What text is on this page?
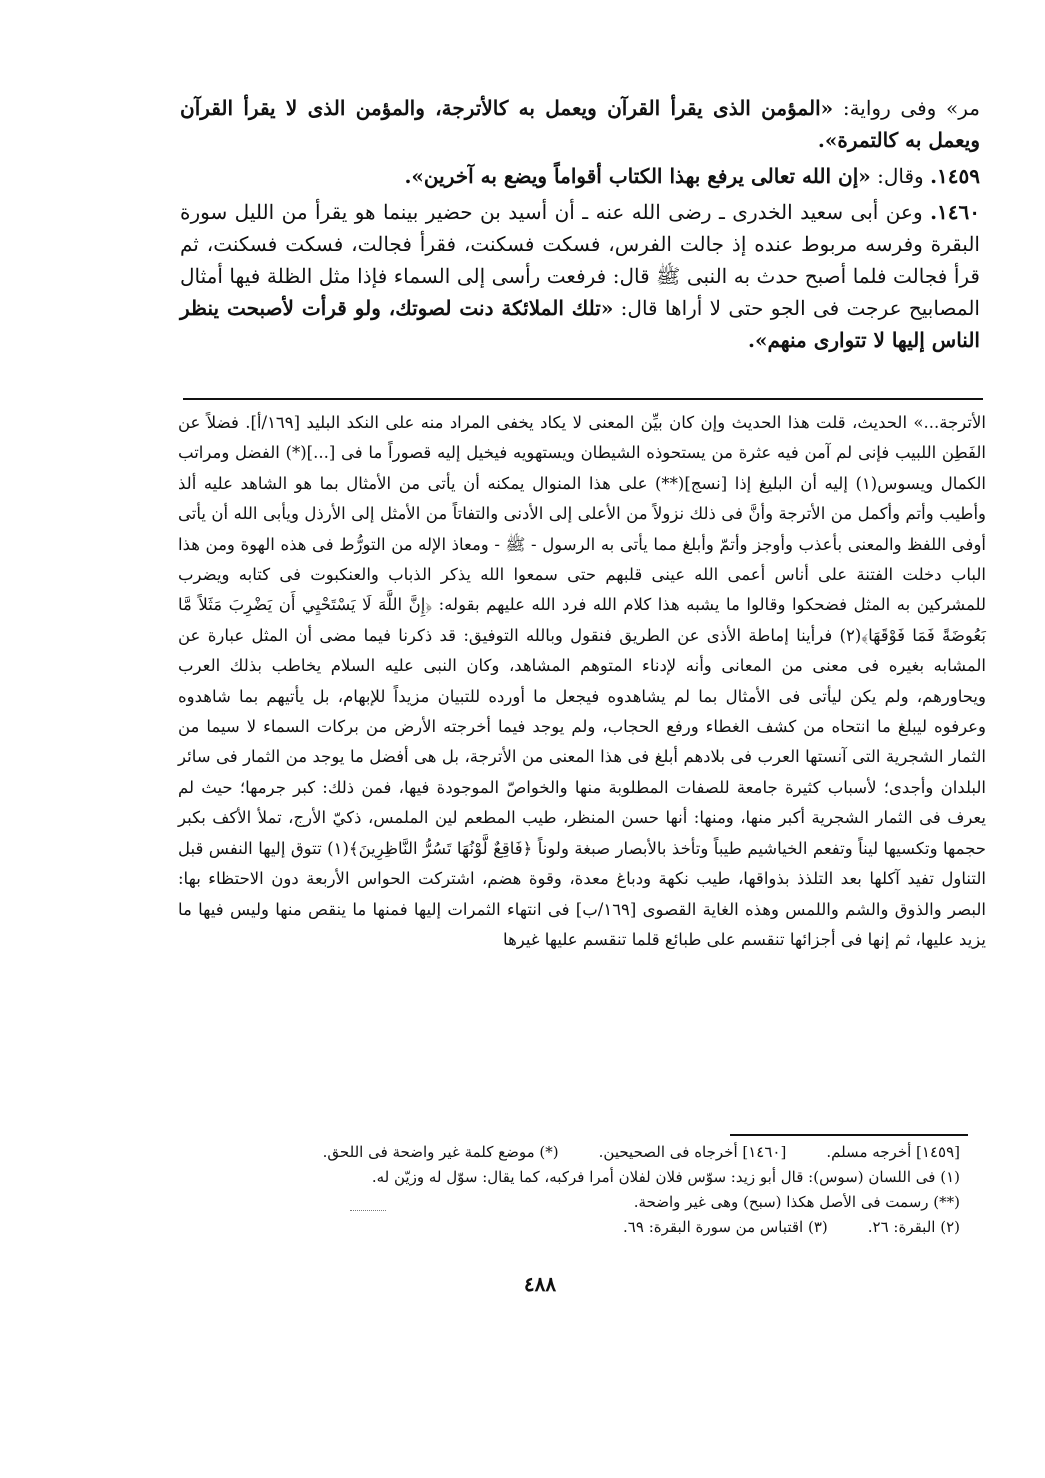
مر» وفى رواية: «المؤمن الذى يقرأ القرآن ويعمل به كالأترجة، والمؤمن الذى لا يقرأ القرآن ويعمل به كالتمرة».

١٤٥٩. وقال: «إن الله تعالى يرفع بهذا الكتاب أقواماً ويضع به آخرين».

١٤٦٠. وعن أبى سعيد الخدرى ـ رضى الله عنه ـ أن أسيد بن حضير بينما هو يقرأ من الليل سورة البقرة وفرسه مربوط عنده إذ جالت الفرس، فسكت فسكنت، فقرأ فجالت، فسكت فسكنت، ثم قرأ فجالت فلما أصبح حدث به النبى ﷺ قال: فرفعت رأسى إلى السماء فإذا مثل الظلة فيها أمثال المصابيح عرجت فى الجو حتى لا أراها قال: «تلك الملائكة دنت لصوتك، ولو قرأت لأصبحت ينظر الناس إليها لا تتوارى منهم».

الأترجة...» الحديث، قلت هذا الحديث وإن كان بيِّن المعنى لا يكاد يخفى المراد منه على النكد البليد [١٦٩/أ]. فضلاً عن الفَطِن اللبيب فإنى لم آمن فيه عثرة من يستحوذه الشيطان ويستهويه فيخيل إليه قصوراً ما فى [...](*) الفضل ومراتب الكمال ويسوس(١) إليه أن البليغ إذا [نسج](**) على هذا المنوال يمكنه أن يأتى من الأمثال بما هو الشاهد عليه ألذ وأطيب وأتم وأكمل من الأترجة وأنَّ فى ذلك نزولاً من الأعلى إلى الأدنى والتفاتاً من الأمثل إلى الأرذل ويأبى الله أن يأتى أوفى اللفظ والمعنى بأعذب وأوجز وأتمّ وأبلغ مما يأتى به الرسول - ﷺ - ومعاذ الإله من التورُّط فى هذه الهوة ومن هذا الباب دخلت الفتنة على أناس أعمى الله عينى قلبهم حتى سمعوا الله يذكر الذباب والعنكبوت فى كتابه ويضرب للمشركين به المثل فضحكوا وقالوا ما يشبه هذا كلام الله فرد الله عليهم بقوله: ﴿إِنَّ اللَّهَ لَا يَسْتَحْيِي أَن يَضْرِبَ مَثَلاً مَّا بَعُوضَةً فَمَا فَوْقَهَا﴾(٢) فرأينا إماطة الأذى عن الطريق فنقول وبالله التوفيق: قد ذكرنا فيما مضى أن المثل عبارة عن المشابه بغيره فى معنى من المعانى وأنه لإدناء المتوهم المشاهد، وكان النبى عليه السلام يخاطب بذلك العرب ويحاورهم، ولم يكن ليأتى فى الأمثال بما لم يشاهدوه فيجعل ما أورده للتبيان مزيداً للإبهام، بل يأتيهم بما شاهدوه وعرفوه ليبلغ ما انتحاه من كشف الغطاء ورفع الحجاب، ولم يوجد فيما أخرجته الأرض من بركات السماء لا سيما من الثمار الشجرية التى آنستها العرب فى بلادهم أبلغ فى هذا المعنى من الأترجة، بل هى أفضل ما يوجد من الثمار فى سائر البلدان وأجدى؛ لأسباب كثيرة جامعة للصفات المطلوبة منها والخواصّ الموجودة فيها، فمن ذلك: كبر جرمها؛ حيث لم يعرف فى الثمار الشجرية أكبر منها، ومنها: أنها حسن المنظر، طيب المطعم لين الملمس، ذكيّ الأرج، تملأ الأكف بكبر حجمها وتكسيها ليناً وتفعم الخياشيم طيباً وتأخذ بالأبصار صبغة ولوناً ﴿فَاقِعٌ لَّوْنُهَا تَسُرُّ النَّاظِرِينَ﴾(١) تتوق إليها النفس قبل التناول تفيد آكلها بعد التلذذ بذواقها، طيب نكهة ودباغ معدة، وقوة هضم، اشتركت الحواس الأربعة دون الاحتظاء بها: البصر والذوق والشم واللمس وهذه الغاية القصوى [١٦٩/ب] فى انتهاء الثمرات إليها فمنها ما ينقص منها وليس فيها ما يزيد عليها، ثم إنها فى أجزائها تنقسم على طبائع قلما تنقسم عليها غيرها

[١٤٥٩] أخرجه مسلم.
[١٤٦٠] أخرجاه فى الصحيحين.
(*) موضع كلمة غير واضحة فى اللحق.
(١) فى اللسان (سوس): قال أبو زيد: سوّس فلان لفلان أمرا فركبه، كما يقال: سوّل له وزيّن له.
(**) رسمت فى الأصل هكذا (سبح) وهى غير واضحة.
(٢) البقرة: ٢٦.
(٣) اقتباس من سورة البقرة: ٦٩.
٤٨٨
